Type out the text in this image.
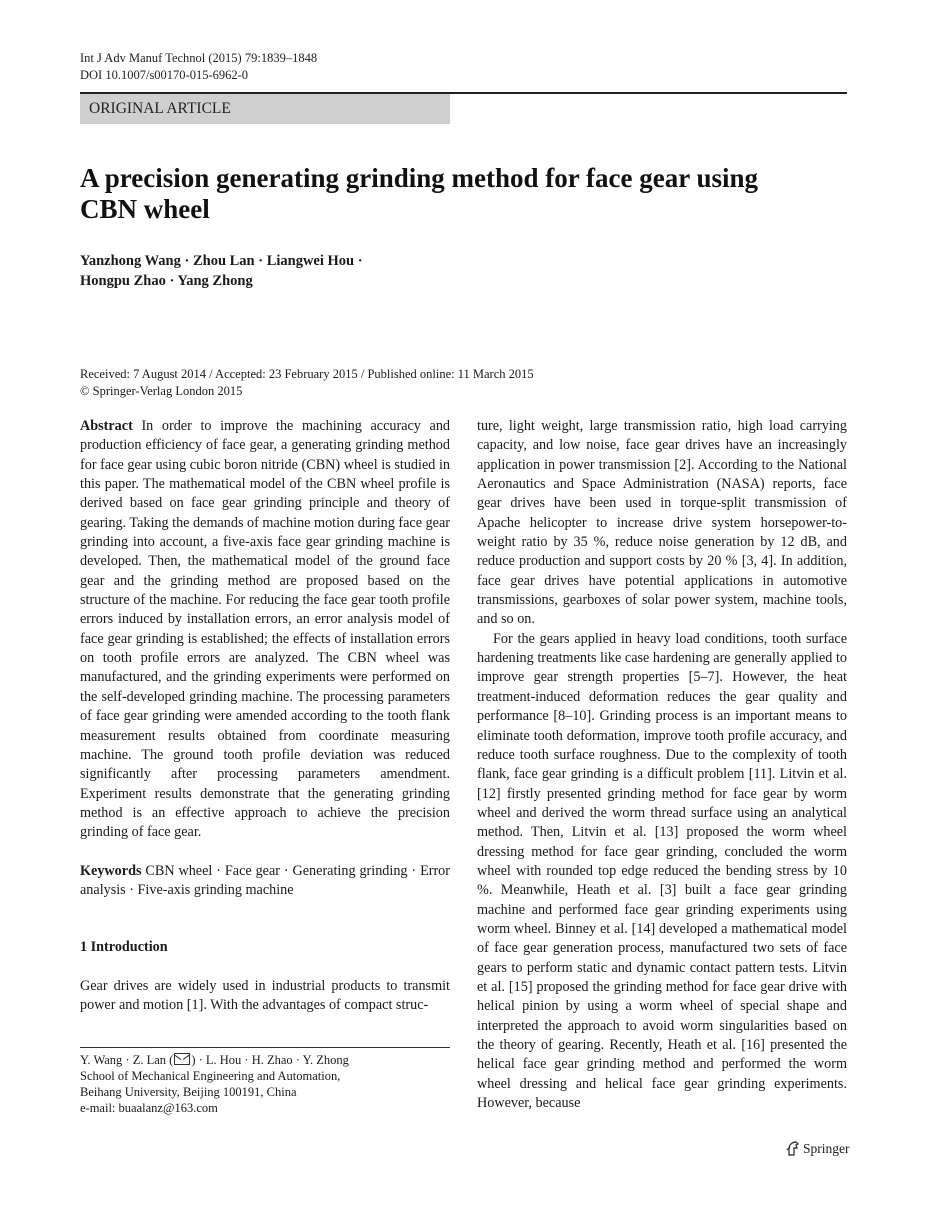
Int J Adv Manuf Technol (2015) 79:1839–1848
DOI 10.1007/s00170-015-6962-0
ORIGINAL ARTICLE
A precision generating grinding method for face gear using CBN wheel
Yanzhong Wang · Zhou Lan · Liangwei Hou ·
Hongpu Zhao · Yang Zhong
Received: 7 August 2014 / Accepted: 23 February 2015 / Published online: 11 March 2015
© Springer-Verlag London 2015

Abstract In order to improve the machining accuracy and production efficiency of face gear, a generating grinding method for face gear using cubic boron nitride (CBN) wheel is studied in this paper. The mathematical model of the CBN wheel profile is derived based on face gear grinding principle and theory of gearing. Taking the demands of machine motion during face gear grinding into account, a five-axis face gear grinding machine is developed. Then, the mathematical model of the ground face gear and the grinding method are proposed based on the structure of the machine. For reducing the face gear tooth profile errors induced by installation errors, an error analysis model of face gear grinding is established; the effects of installation errors on tooth profile errors are analyzed. The CBN wheel was manufactured, and the grinding experiments were performed on the self-developed grinding machine. The processing parameters of face gear grinding were amended according to the tooth flank measurement results obtained from coordinate measuring machine. The ground tooth profile deviation was reduced significantly after processing parameters amendment. Experiment results demonstrate that the generating grinding method is an effective approach to achieve the precision grinding of face gear.

Keywords CBN wheel · Face gear · Generating grinding · Error analysis · Five-axis grinding machine

1 Introduction

Gear drives are widely used in industrial products to transmit power and motion [1]. With the advantages of compact struc-

ture, light weight, large transmission ratio, high load carrying capacity, and low noise, face gear drives have an increasingly application in power transmission [2]. According to the National Aeronautics and Space Administration (NASA) reports, face gear drives have been used in torque-split transmission of Apache helicopter to increase drive system horsepower-to-weight ratio by 35 %, reduce noise generation by 12 dB, and reduce production and support costs by 20 % [3, 4]. In addition, face gear drives have potential applications in automotive transmissions, gearboxes of solar power system, machine tools, and so on.

For the gears applied in heavy load conditions, tooth surface hardening treatments like case hardening are generally applied to improve gear strength properties [5–7]. However, the heat treatment-induced deformation reduces the gear quality and performance [8–10]. Grinding process is an important means to eliminate tooth deformation, improve tooth profile accuracy, and reduce tooth surface roughness. Due to the complexity of tooth flank, face gear grinding is a difficult problem [11]. Litvin et al. [12] firstly presented grinding method for face gear by worm wheel and derived the worm thread surface using an analytical method. Then, Litvin et al. [13] proposed the worm wheel dressing method for face gear grinding, concluded the worm wheel with rounded top edge reduced the bending stress by 10 %. Meanwhile, Heath et al. [3] built a face gear grinding machine and performed face gear grinding experiments using worm wheel. Binney et al. [14] developed a mathematical model of face gear generation process, manufactured two sets of face gears to perform static and dynamic contact pattern tests. Litvin et al. [15] proposed the grinding method for face gear drive with helical pinion by using a worm wheel of special shape and interpreted the approach to avoid worm singularities based on the theory of gearing. Recently, Heath et al. [16] presented the helical face gear grinding method and performed the worm wheel dressing and helical face gear grinding experiments. However, because

Y. Wang · Z. Lan ( ) · L. Hou · H. Zhao · Y. Zhong
School of Mechanical Engineering and Automation,
Beihang University, Beijing 100191, China
e-mail: buaalanz@163.com
Springer
